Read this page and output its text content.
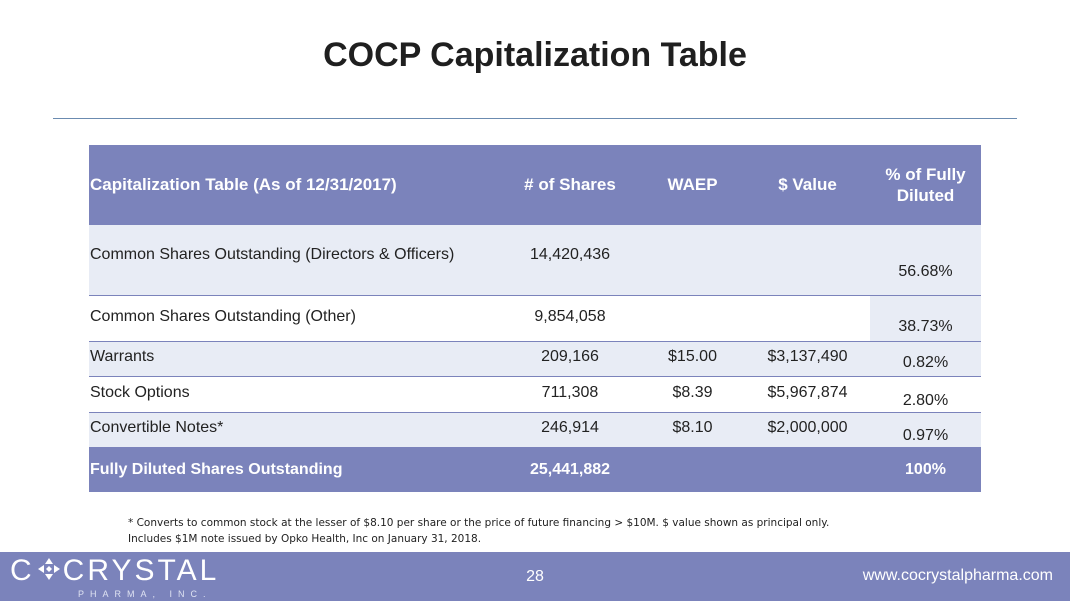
COCP Capitalization Table
Capitalization Table (As of 12/31/2017)	# of Shares	WAEP	$ Value	% of Fully Diluted
Common Shares Outstanding (Directors & Officers)	14,420,436			56.68%
Common Shares Outstanding (Other)	9,854,058			38.73%
Warrants	209,166	$15.00	$3,137,490	0.82%
Stock Options	711,308	$8.39	$5,967,874	2.80%
Convertible Notes*	246,914	$8.10	$2,000,000	0.97%
Fully Diluted Shares Outstanding	25,441,882			100%
* Converts to common stock at the lesser of $8.10 per share or the price of future financing > $10M. $ value shown as principal only.
Includes $1M note issued by Opko Health, Inc on January 31, 2018.
C CRYSTAL
PHARMA, INC.
28	www.cocrystalpharma.com
